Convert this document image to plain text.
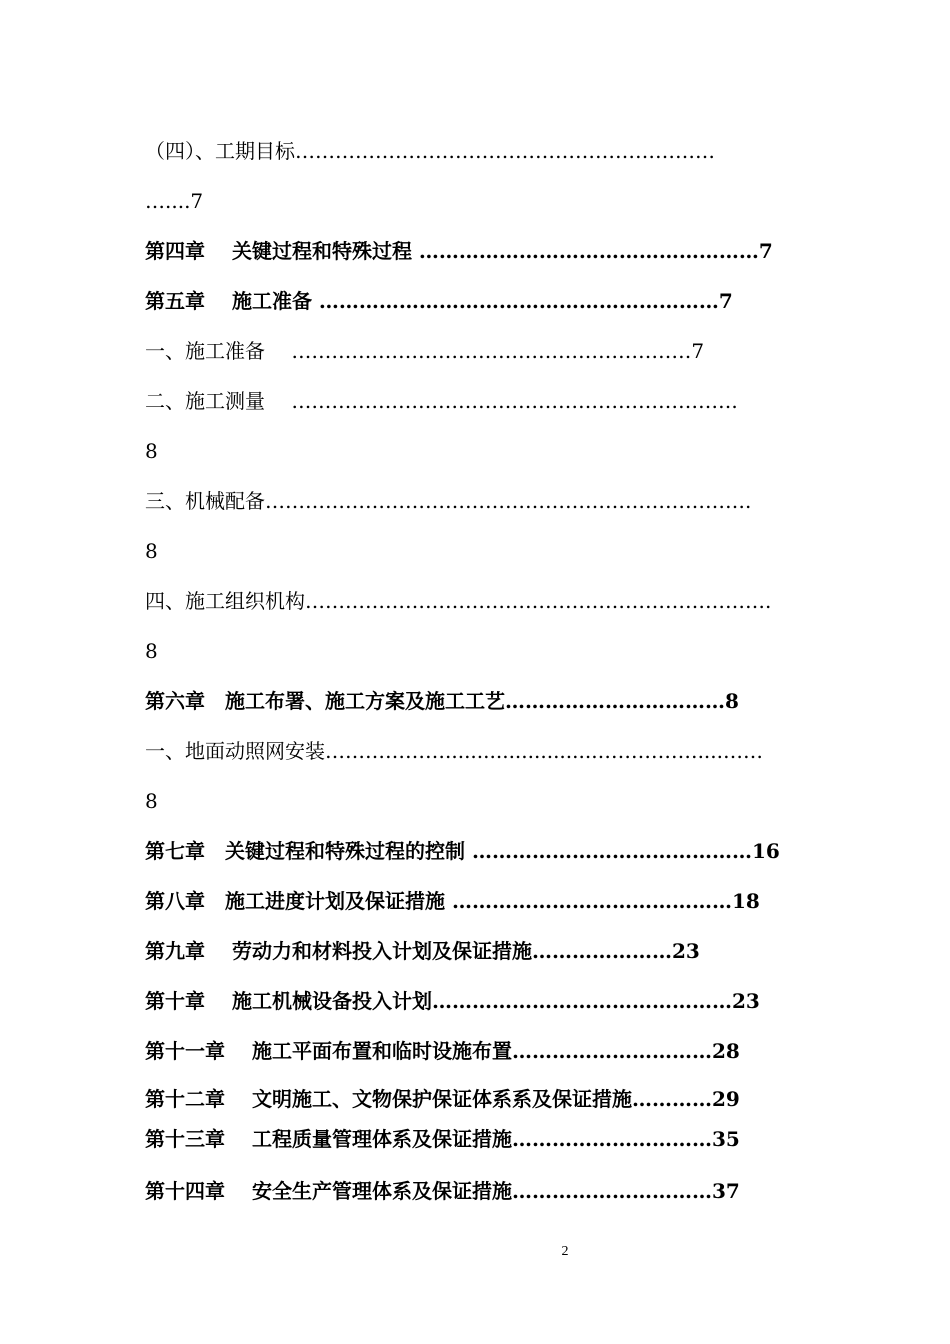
（四）、工期目标………………………………………………………
…....7
第四章　 关键过程和特殊过程 ……………………………………………7
第五章　 施工准备 ……………………………………………………7
一、施工准备　 ……………………………………………………7
二、施工测量　 ………………………………………………………….
8
三、机械配备……………………………………………………………….
8
四、施工组织机构…………………………………………………………….
8
第六章　施工布署、施工方案及施工工艺……………………………8
一、地面动照网安装………………........................……………....……
8
第七章　关键过程和特殊过程的控制 ……………………………………16
第八章　施工进度计划及保证措施 ……………………………………18
第九章　 劳动力和材料投入计划及保证措施…………………23
第十章　 施工机械设备投入计划………………………………………23
第十一章　 施工平面布置和临时设施布置…………………………28
第十二章　 文明施工、文物保护保证体系系及保证措施…………29
第十三章　 工程质量管理体系及保证措施…………………………35
第十四章　 安全生产管理体系及保证措施…………………………37
2
